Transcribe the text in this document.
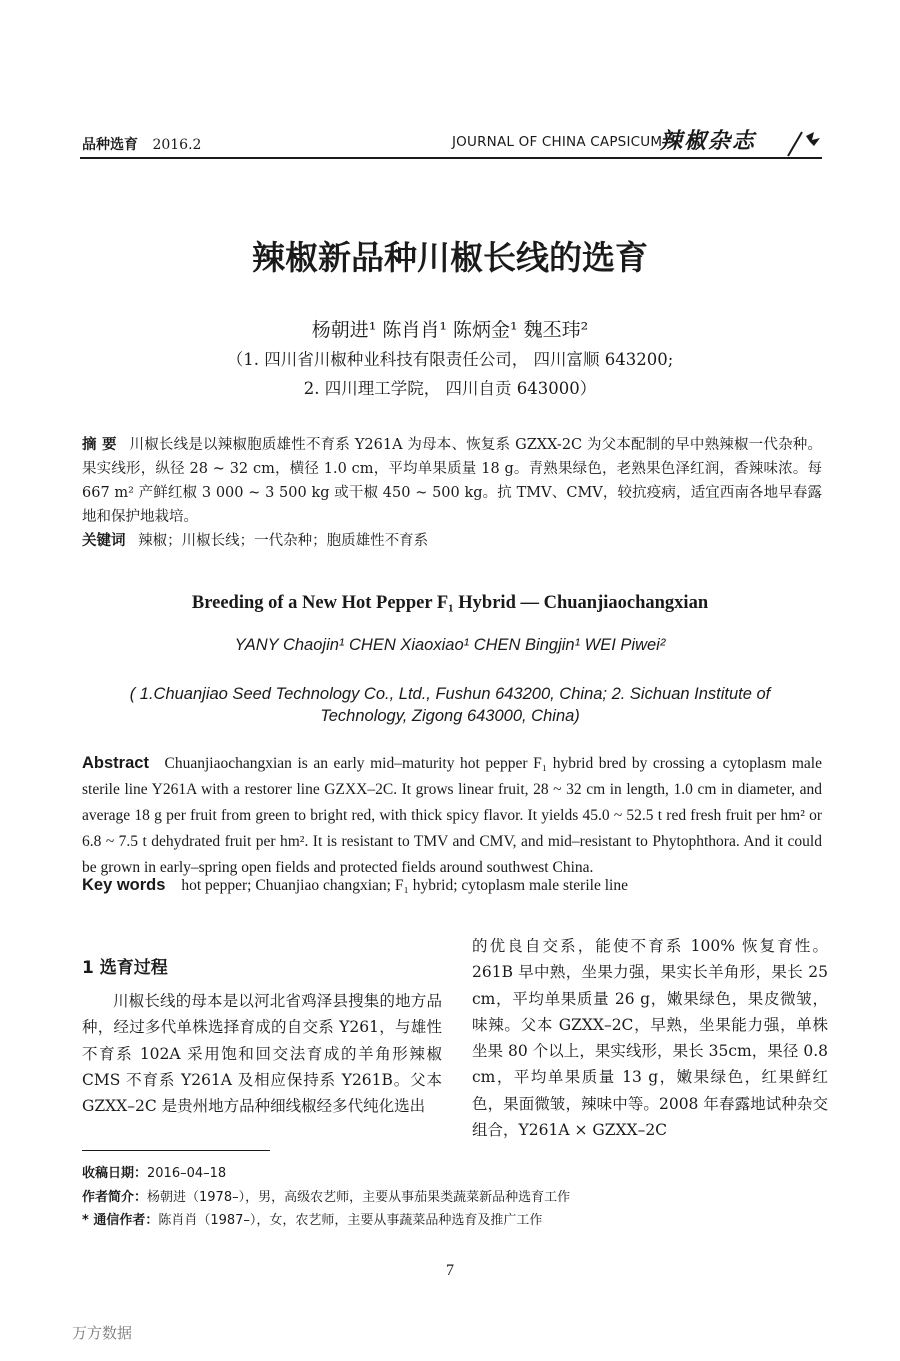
品种选育 2016.2	JOURNAL OF CHINA CAPSICUM
辣椒杂志
辣椒新品种川椒长线的选育
杨朝进¹ 陈肖肖¹ 陈炳金¹ 魏丕玮²
（1. 四川省川椒种业科技有限责任公司， 四川富顺 643200;
2. 四川理工学院， 四川自贡 643000）
摘 要 川椒长线是以辣椒胞质雄性不育系 Y261A 为母本、恢复系 GZXX-2C 为父本配制的早中熟辣椒一代杂种。果实线形，纵径 28 ~ 32 cm，横径 1.0 cm，平均单果质量 18 g。青熟果绿色，老熟果色泽红润，香辣味浓。每 667 m² 产鲜红椒 3 000 ~ 3 500 kg 或干椒 450 ~ 500 kg。抗 TMV、CMV，较抗疫病，适宜西南各地早春露地和保护地栽培。
关键词 辣椒；川椒长线；一代杂种；胞质雄性不育系
Breeding of a New Hot Pepper F₁ Hybrid — Chuanjiaochangxian
YANY Chaojin¹ CHEN Xiaoxiao¹ CHEN Bingjin¹ WEI Piwei²
( 1.Chuanjiao Seed Technology Co., Ltd., Fushun 643200, China; 2. Sichuan Institute of Technology, Zigong 643000, China)
Abstract Chuanjiaochangxian is an early mid–maturity hot pepper F₁ hybrid bred by crossing a cytoplasm male sterile line Y261A with a restorer line GZXX–2C. It grows linear fruit, 28 ~ 32 cm in length, 1.0 cm in diameter, and average 18 g per fruit from green to bright red, with thick spicy flavor. It yields 45.0 ~ 52.5 t red fresh fruit per hm² or 6.8 ~ 7.5 t dehydrated fruit per hm². It is resistant to TMV and CMV, and mid–resistant to Phytophthora. And it could be grown in early–spring open fields and protected fields around southwest China.
Key words hot pepper; Chuanjiao changxian; F₁ hybrid; cytoplasm male sterile line
1 选育过程
川椒长线的母本是以河北省鸡泽县搜集的地方品种，经过多代单株选择育成的自交系 Y261，与雄性不育系 102A 采用饱和回交法育成的羊角形辣椒 CMS 不育系 Y261A 及相应保持系 Y261B。父本 GZXX–2C 是贵州地方品种细线椒经多代纯化选出
的优良自交系，能使不育系 100% 恢复育性。261B 早中熟，坐果力强，果实长羊角形，果长 25 cm，平均单果质量 26 g，嫩果绿色，果皮微皱，味辣。父本 GZXX–2C，早熟，坐果能力强，单株坐果 80 个以上，果实线形，果长 35cm，果径 0.8 cm，平均单果质量 13 g，嫩果绿色，红果鲜红色，果面微皱，辣味中等。2008 年春露地试种杂交组合，Y261A × GZXX–2C
收稿日期：2016–04–18
作者简介：杨朝进（1978–），男，高级农艺师，主要从事茄果类蔬菜新品种选育工作
* 通信作者：陈肖肖（1987–），女，农艺师，主要从事蔬菜品种选育及推广工作
7
万方数据
